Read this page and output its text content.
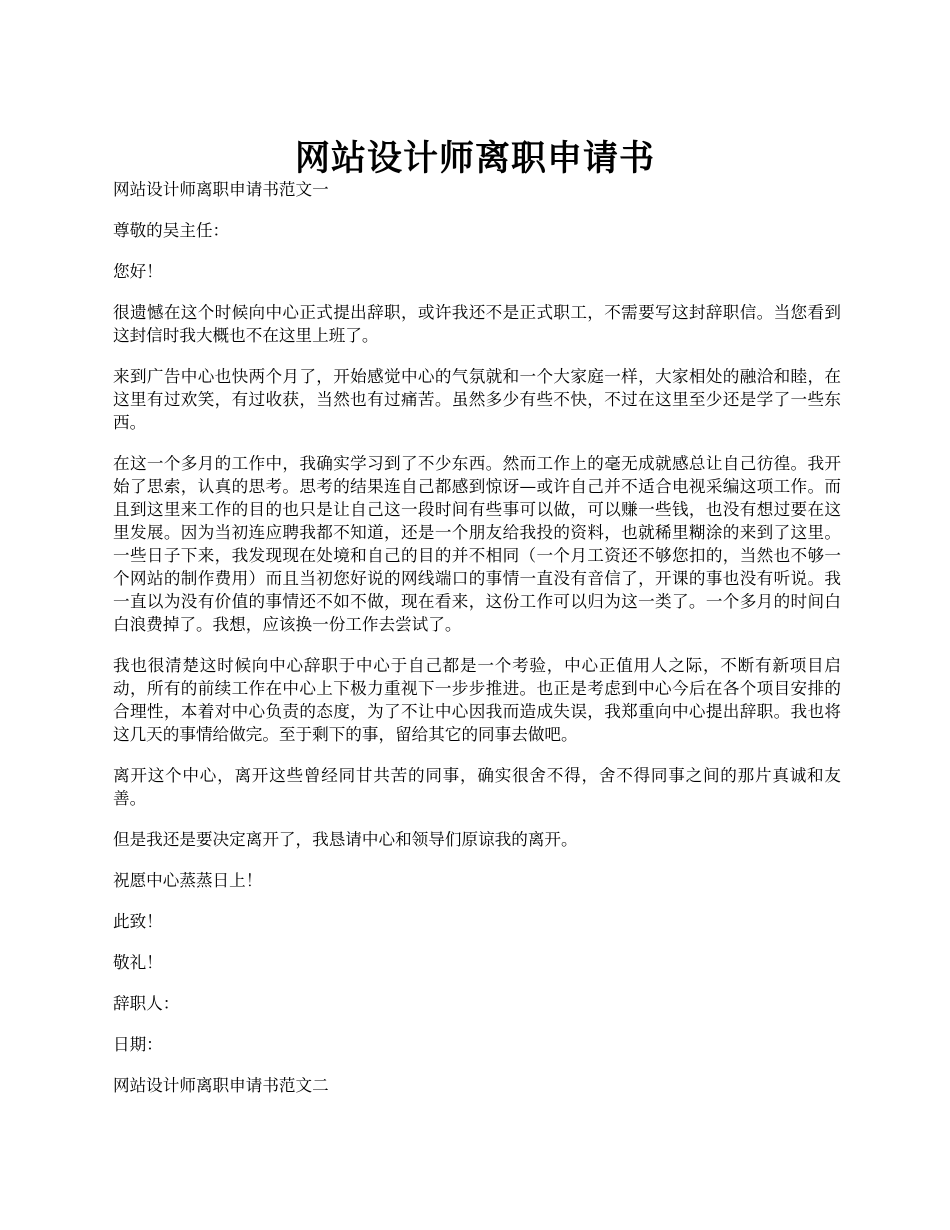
网站设计师离职申请书

网站设计师离职申请书范文一

尊敬的吴主任：

您好！

很遗憾在这个时候向中心正式提出辞职，或许我还不是正式职工，不需要写这封辞职信。当您看到这封信时我大概也不在这里上班了。

来到广告中心也快两个月了，开始感觉中心的气氛就和一个大家庭一样，大家相处的融洽和睦，在这里有过欢笑，有过收获，当然也有过痛苦。虽然多少有些不快，不过在这里至少还是学了一些东西。

在这一个多月的工作中，我确实学习到了不少东西。然而工作上的毫无成就感总让自己彷徨。我开始了思索，认真的思考。思考的结果连自己都感到惊讶—或许自己并不适合电视采编这项工作。而且到这里来工作的目的也只是让自己这一段时间有些事可以做，可以赚一些钱，也没有想过要在这里发展。因为当初连应聘我都不知道，还是一个朋友给我投的资料，也就稀里糊涂的来到了这里。一些日子下来，我发现现在处境和自己的目的并不相同（一个月工资还不够您扣的，当然也不够一个网站的制作费用）而且当初您好说的网线端口的事情一直没有音信了，开课的事也没有听说。我一直以为没有价值的事情还不如不做，现在看来，这份工作可以归为这一类了。一个多月的时间白白浪费掉了。我想，应该换一份工作去尝试了。

我也很清楚这时候向中心辞职于中心于自己都是一个考验，中心正值用人之际，不断有新项目启动，所有的前续工作在中心上下极力重视下一步步推进。也正是考虑到中心今后在各个项目安排的合理性，本着对中心负责的态度，为了不让中心因我而造成失误，我郑重向中心提出辞职。我也将这几天的事情给做完。至于剩下的事，留给其它的同事去做吧。

离开这个中心，离开这些曾经同甘共苦的同事，确实很舍不得，舍不得同事之间的那片真诚和友善。

但是我还是要决定离开了，我恳请中心和领导们原谅我的离开。

祝愿中心蒸蒸日上！

此致！

敬礼！

辞职人：

日期：

网站设计师离职申请书范文二
